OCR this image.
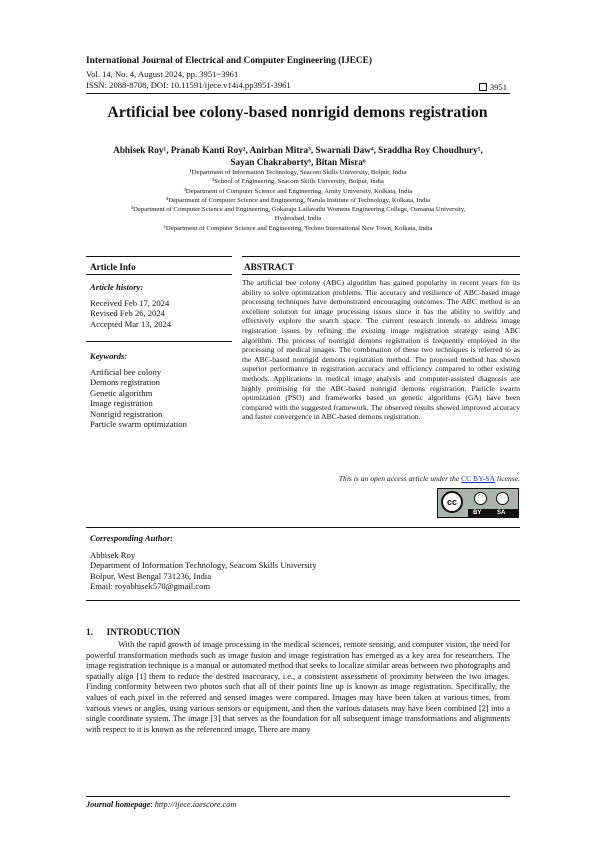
International Journal of Electrical and Computer Engineering (IJECE)
Vol. 14, No. 4, August 2024, pp. 3951~3961
ISSN: 2088-8708, DOI: 10.11591/ijece.v14i4.pp3951-3961	3951
Artificial bee colony-based nonrigid demons registration
Abhisek Roy¹, Pranab Kanti Roy², Anirban Mitra³, Swarnali Daw⁴, Sraddha Roy Choudhury⁵,
Sayan Chakraborty⁶, Bitan Misra⁶
¹Department of Information Technology, Seacom Skills University, Bolpur, India
²School of Engineering, Seacom Skills University, Bolpur, India
³Department of Computer Science and Engineering, Amity University, Kolkata, India
⁴Department of Computer Science and Engineering, Narula Institute of Technology, Kolkata, India
⁵Department of Computer Science and Engineering, Gokaraju Lailavathi Womens Engineering College, Osmania University,
Hyderabad, India
⁶Department of Computer Science and Engineering, Techno International New Town, Kolkata, India
Article Info	ABSTRACT
Article history:
Received Feb 17, 2024
Revised Feb 26, 2024
Accepted Mar 13, 2024
Keywords:
Artificial bee colony
Demons registration
Genetic algorithm
Image registration
Nonrigid registration
Particle swarm optimization
The artificial bee colony (ABC) algorithm has gained popularity in recent years for its ability to solve optimization problems. The accuracy and resilience of ABC-based image processing techniques have demonstrated encouraging outcomes. The ABC method is an excellent solution for image processing issues since it has the ability to swiftly and effectively explore the search space. The current research intends to address image registration issues by refining the existing image registration strategy using ABC algorithm. The process of nonrigid demons registration is frequently employed in the processing of medical images. The combination of these two techniques is referred to as the ABC-based nonrigid demons registration method. The proposed method has shown superior performance in registration accuracy and efficiency compared to other existing methods. Applications in medical image analysis and computer-assisted diagnosis are highly promising for the ABC-based nonrigid demons registration. Particle swarm optimization (PSO) and frameworks based on genetic algorithms (GA) have been compared with the suggested framework. The observed results showed improved accuracy and faster convergence in ABC-based demons registration.
This is an open access article under the CC BY-SA license.
cc
BY	SA
Corresponding Author:
Abhisek Roy
Department of Information Technology, Seacom Skills University
Bolpur, West Bengal 731236, India
Email: royabhisek570@gmail.com
1.      INTRODUCTION
With the rapid growth of image processing in the medical sciences, remote sensing, and computer vision, the need for powerful transformation methods such as image fusion and image registration has emerged as a key area for researchers. The image registration technique is a manual or automated method that seeks to localize similar areas between two photographs and spatially align [1] them to reduce the desired inaccuracy, i.e., a consistent assessment of proximity between the two images. Finding conformity between two photos such that all of their points line up is known as image registration. Specifically, the values of each pixel in the referred and sensed images were compared. Images may have been taken at various times, from various views or angles, using various sensors or equipment, and then the various datasets may have been combined [2] into a single coordinate system. The image [3] that serves as the foundation for all subsequent image transformations and alignments with respect to it is known as the referenced image. There are many
Journal homepage: http://ijece.iaescore.com
